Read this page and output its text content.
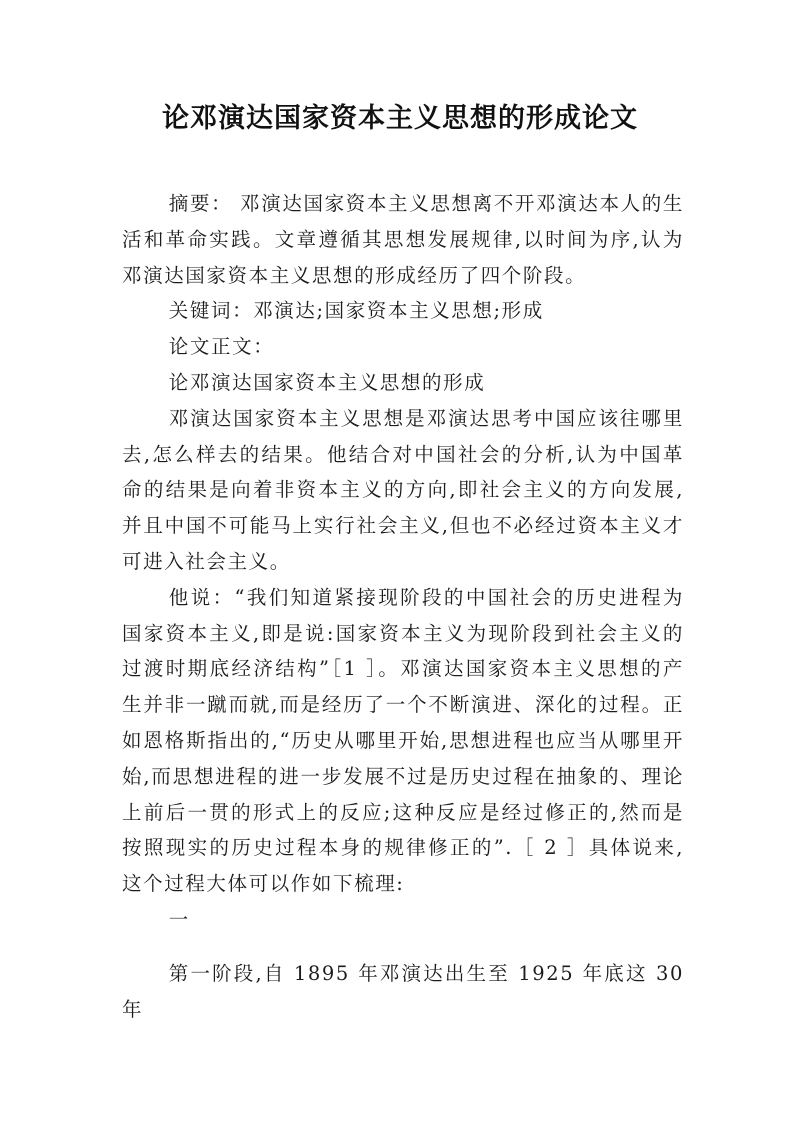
论邓演达国家资本主义思想的形成论文

摘要： 邓演达国家资本主义思想离不开邓演达本人的生活和革命实践。文章遵循其思想发展规律,以时间为序,认为邓演达国家资本主义思想的形成经历了四个阶段。

关键词：邓演达;国家资本主义思想;形成

论文正文：

论邓演达国家资本主义思想的形成

邓演达国家资本主义思想是邓演达思考中国应该往哪里去,怎么样去的结果。他结合对中国社会的分析,认为中国革命的结果是向着非资本主义的方向,即社会主义的方向发展,并且中国不可能马上实行社会主义,但也不必经过资本主义才可进入社会主义。

他说：“我们知道紧接现阶段的中国社会的历史进程为国家资本主义,即是说:国家资本主义为现阶段到社会主义的过渡时期底经济结构”［1 ］。邓演达国家资本主义思想的产生并非一蹴而就,而是经历了一个不断演进、深化的过程。正如恩格斯指出的,“历史从哪里开始,思想进程也应当从哪里开始,而思想进程的进一步发展不过是历史过程在抽象的、理论上前后一贯的形式上的反应;这种反应是经过修正的,然而是按照现实的历史过程本身的规律修正的”.［ 2 ］具体说来,这个过程大体可以作如下梳理:

一

第一阶段,自 1895 年邓演达出生至 1925 年底这 30 年
